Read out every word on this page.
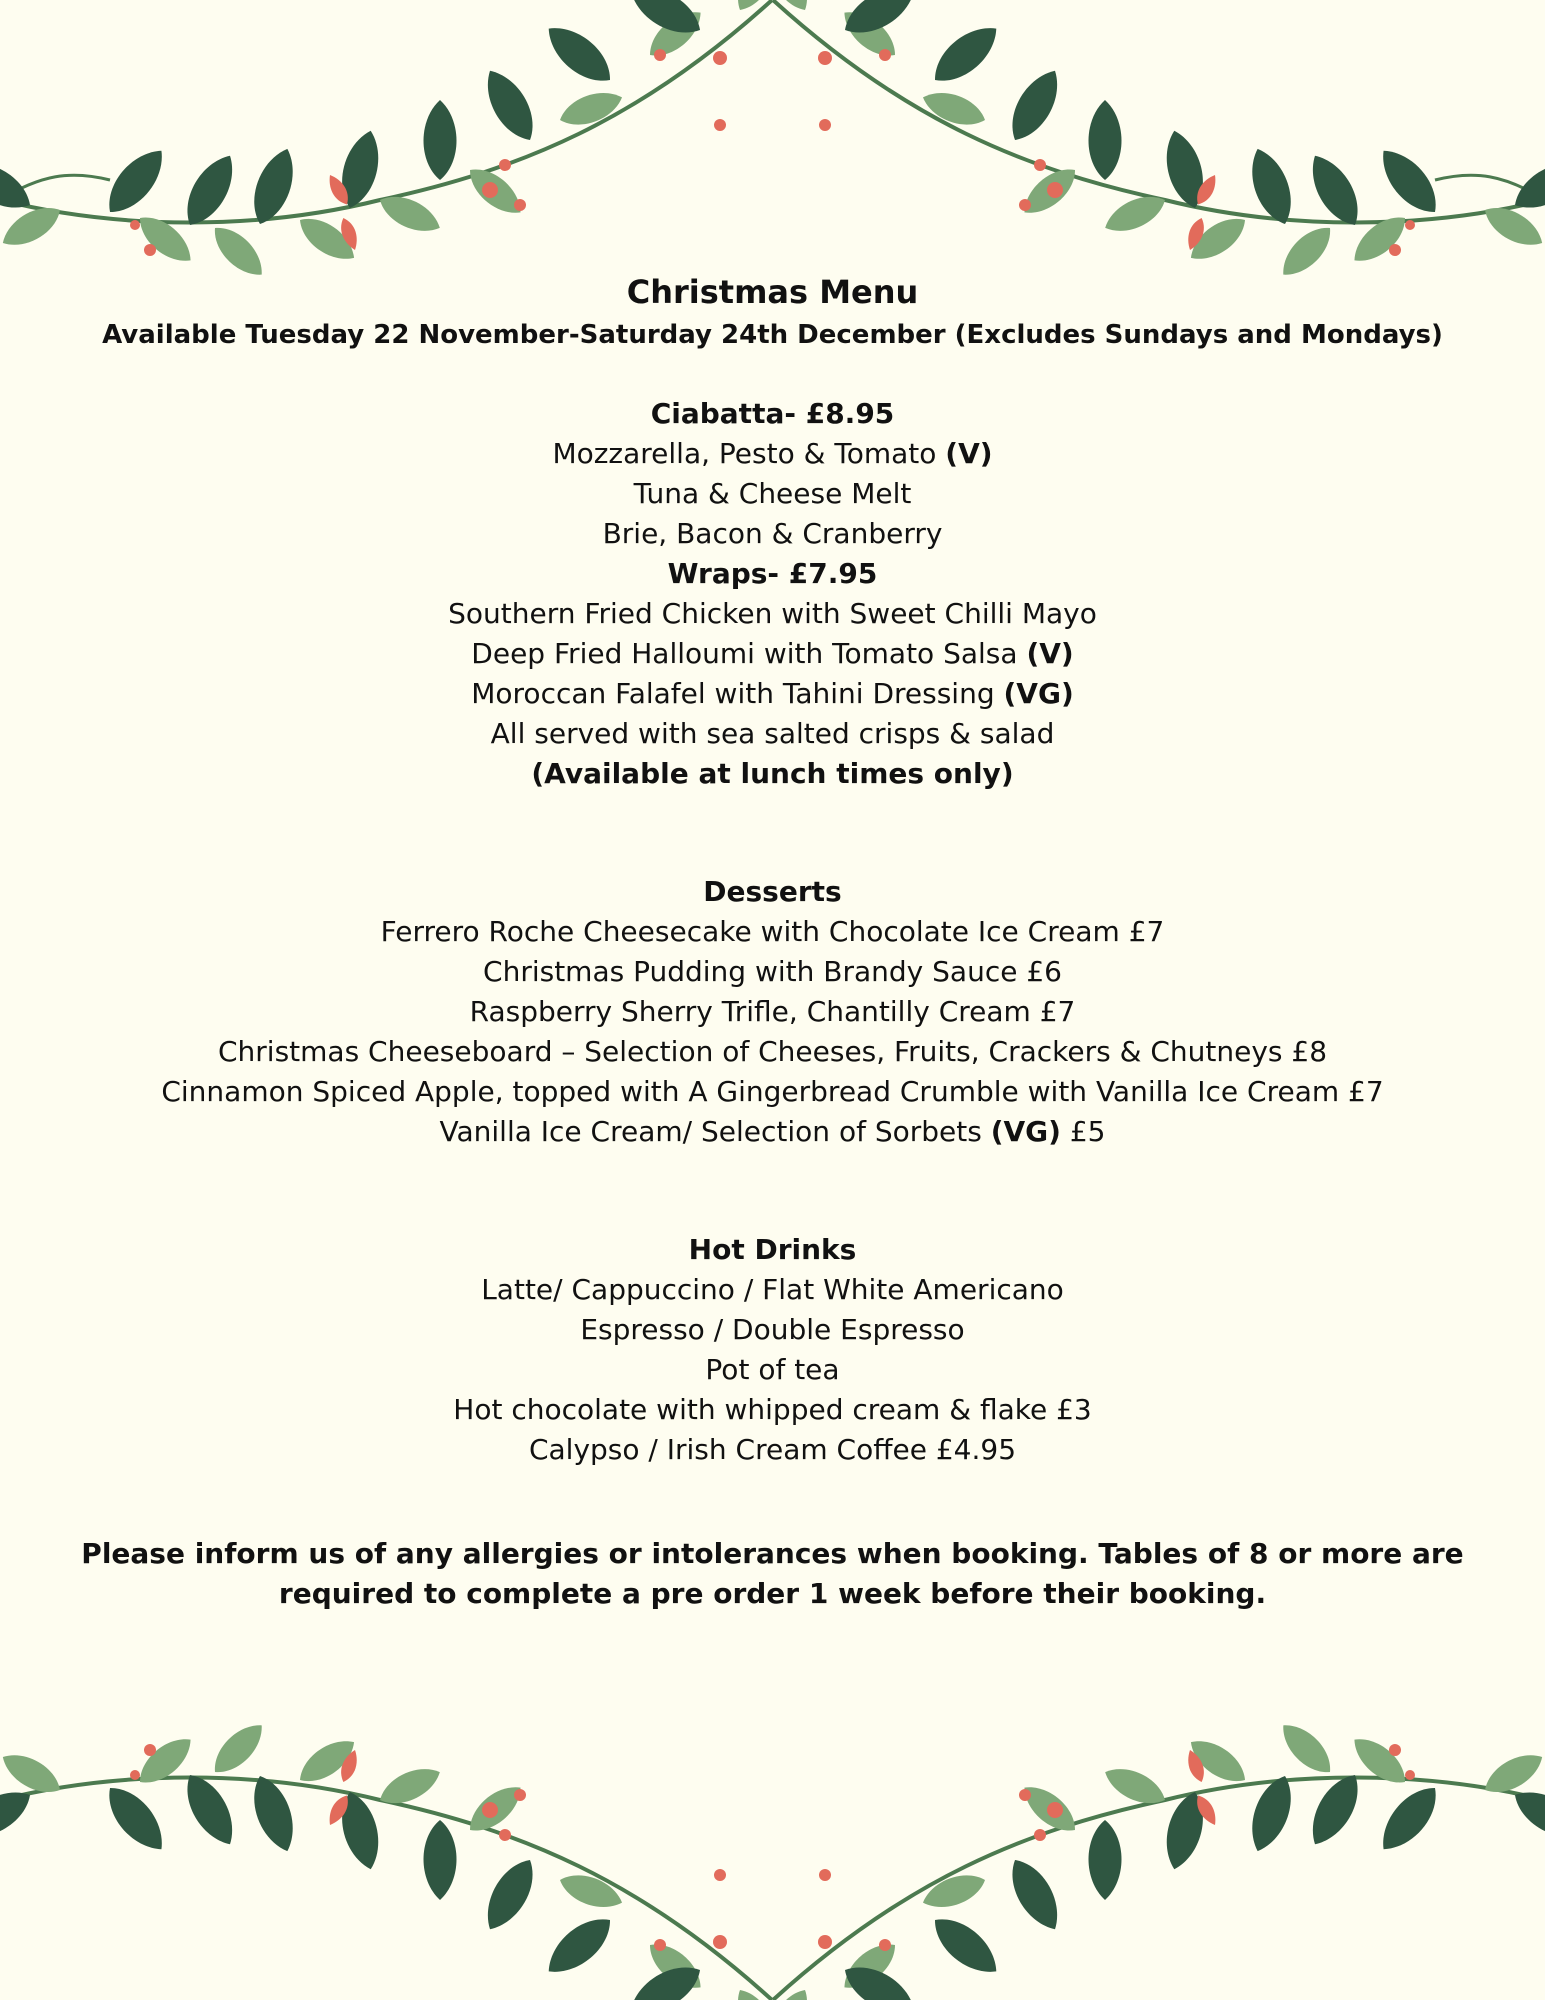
Christmas Menu

Available Tuesday 22 November-Saturday 24th December (Excludes Sundays and Mondays)

Ciabatta- £8.95

Mozzarella, Pesto & Tomato (V)

Tuna & Cheese Melt

Brie, Bacon & Cranberry

Wraps- £7.95

Southern Fried Chicken with Sweet Chilli Mayo

Deep Fried Halloumi with Tomato Salsa (V)

Moroccan Falafel with Tahini Dressing (VG)

All served with sea salted crisps & salad

(Available at lunch times only)

Desserts

Ferrero Roche Cheesecake with Chocolate Ice Cream £7

Christmas Pudding with Brandy Sauce £6

Raspberry Sherry Trifle, Chantilly Cream £7

Christmas Cheeseboard – Selection of Cheeses, Fruits, Crackers & Chutneys £8

Cinnamon Spiced Apple, topped with A Gingerbread Crumble with Vanilla Ice Cream £7

Vanilla Ice Cream/ Selection of Sorbets (VG) £5

Hot Drinks

Latte/ Cappuccino / Flat White Americano

Espresso / Double Espresso

Pot of tea

Hot chocolate with whipped cream & flake £3

Calypso / Irish Cream Coffee £4.95

Please inform us of any allergies or intolerances when booking. Tables of 8 or more are

required to complete a pre order 1 week before their booking.
